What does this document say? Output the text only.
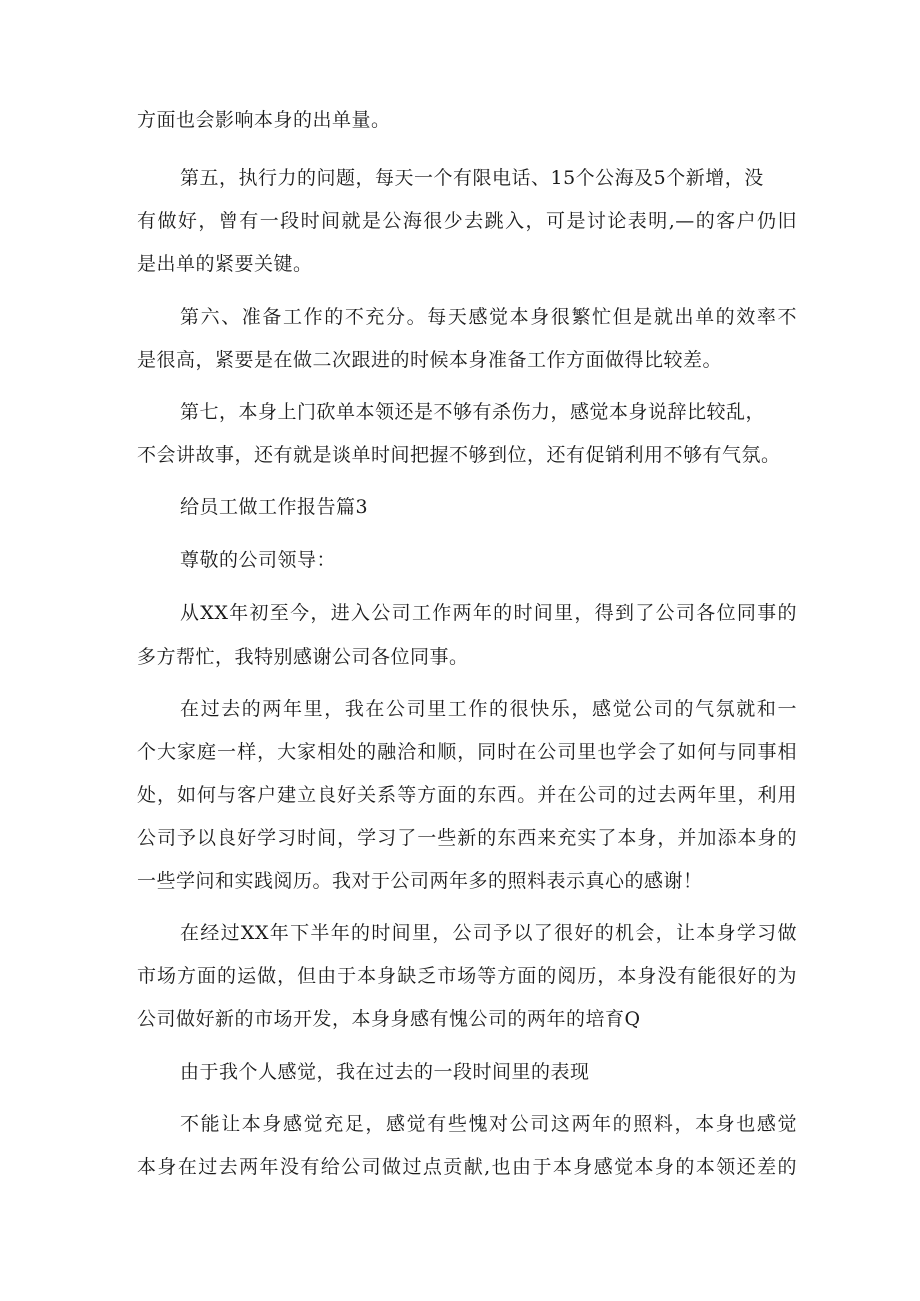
方面也会影响本身的出单量。
第五，执行力的问题，每天一个有限电话、15个公海及5个新增，没
有做好，曾有一段时间就是公海很少去跳入，可是讨论表明,—的客户仍旧
是出单的紧要关键。
第六、准备工作的不充分。每天感觉本身很繁忙但是就出单的效率不
是很高，紧要是在做二次跟进的时候本身准备工作方面做得比较差。
第七，本身上门砍单本领还是不够有杀伤力，感觉本身说辞比较乱，
不会讲故事，还有就是谈单时间把握不够到位，还有促销利用不够有气氛。
给员工做工作报告篇3
尊敬的公司领导：
从XX年初至今，进入公司工作两年的时间里，得到了公司各位同事的
多方帮忙，我特别感谢公司各位同事。
在过去的两年里，我在公司里工作的很快乐，感觉公司的气氛就和一
个大家庭一样，大家相处的融洽和顺，同时在公司里也学会了如何与同事相
处，如何与客户建立良好关系等方面的东西。并在公司的过去两年里，利用
公司予以良好学习时间，学习了一些新的东西来充实了本身，并加添本身的
一些学问和实践阅历。我对于公司两年多的照料表示真心的感谢！
在经过XX年下半年的时间里，公司予以了很好的机会，让本身学习做
市场方面的运做，但由于本身缺乏市场等方面的阅历，本身没有能很好的为
公司做好新的市场开发，本身身感有愧公司的两年的培育Q
由于我个人感觉，我在过去的一段时间里的表现
不能让本身感觉充足，感觉有些愧对公司这两年的照料，本身也感觉
本身在过去两年没有给公司做过点贡献,也由于本身感觉本身的本领还差的
